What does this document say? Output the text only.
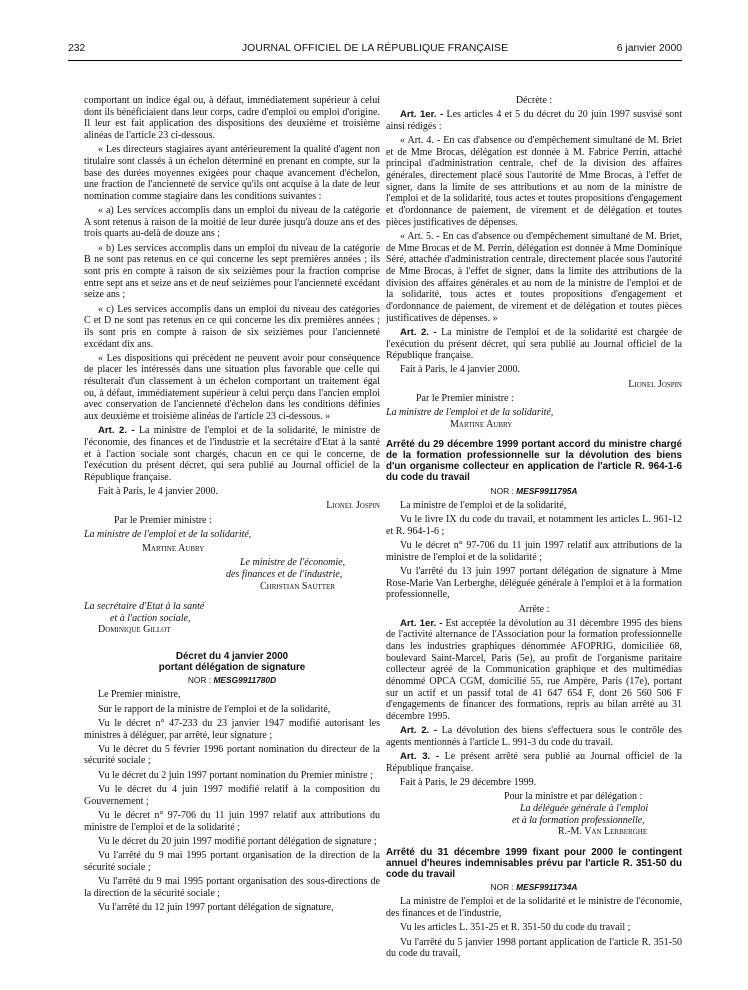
232	JOURNAL OFFICIEL DE LA RÉPUBLIQUE FRANÇAISE	6 janvier 2000

comportant un indice égal ou, à défaut, immédiatement supérieur à celui dont ils bénéficiaient dans leur corps, cadre d'emploi ou emploi d'origine. Il leur est fait application des dispositions des deuxième et troisième alinéas de l'article 23 ci-dessous.

« Les directeurs stagiaires ayant antérieurement la qualité d'agent non titulaire sont classés à un échelon déterminé en prenant en compte, sur la base des durées moyennes exigées pour chaque avancement d'échelon, une fraction de l'ancienneté de service qu'ils ont acquise à la date de leur nomination comme stagiaire dans les conditions suivantes :

« a) Les services accomplis dans un emploi du niveau de la catégorie A sont retenus à raison de la moitié de leur durée jusqu'à douze ans et des trois quarts au-delà de douze ans ;

« b) Les services accomplis dans un emploi du niveau de la catégorie B ne sont pas retenus en ce qui concerne les sept premières années ; ils sont pris en compte à raison de six seizièmes pour la fraction comprise entre sept ans et seize ans et de neuf seizièmes pour l'ancienneté excédant seize ans ;

« c) Les services accomplis dans un emploi du niveau des catégories C et D ne sont pas retenus en ce qui concerne les dix premières années ; ils sont pris en compte à raison de six seizièmes pour l'ancienneté excédant dix ans.

« Les dispositions qui précèdent ne peuvent avoir pour conséquence de placer les intéressés dans une situation plus favorable que celle qui résulterait d'un classement à un échelon comportant un traitement égal ou, à défaut, immédiatement supérieur à celui perçu dans l'ancien emploi avec conservation de l'ancienneté d'échelon dans les conditions définies aux deuxième et troisième alinéas de l'article 23 ci-dessous. »

Art. 2. - La ministre de l'emploi et de la solidarité, le ministre de l'économie, des finances et de l'industrie et la secrétaire d'Etat à la santé et à l'action sociale sont chargés, chacun en ce qui le concerne, de l'exécution du présent décret, qui sera publié au Journal officiel de la République française.

Fait à Paris, le 4 janvier 2000.

Lionel Jospin

Par le Premier ministre :

La ministre de l'emploi et de la solidarité,

Martine Aubry

Le ministre de l'économie,

des finances et de l'industrie,

Christian Sautter

La secrétaire d'Etat à la santé

et à l'action sociale,

Dominique Gillot

Décret du 4 janvier 2000

portant délégation de signature

NOR : MESG9911780D

Le Premier ministre,

Sur le rapport de la ministre de l'emploi et de la solidarité,

Vu le décret n° 47-233 du 23 janvier 1947 modifié autorisant les ministres à déléguer, par arrêté, leur signature ;

Vu le décret du 5 février 1996 portant nomination du directeur de la sécurité sociale ;

Vu le décret du 2 juin 1997 portant nomination du Premier ministre ;

Vu le décret du 4 juin 1997 modifié relatif à la composition du Gouvernement ;

Vu le décret n° 97-706 du 11 juin 1997 relatif aux attributions du ministre de l'emploi et de la solidarité ;

Vu le décret du 20 juin 1997 modifié portant délégation de signature ;

Vu l'arrêté du 9 mai 1995 portant organisation de la direction de la sécurité sociale ;

Vu l'arrêté du 9 mai 1995 portant organisation des sous-directions de la direction de la sécurité sociale ;

Vu l'arrêté du 12 juin 1997 portant délégation de signature,

Décrète :

Art. 1er. - Les articles 4 et 5 du décret du 20 juin 1997 susvisé sont ainsi rédigés :

« Art. 4. - En cas d'absence ou d'empêchement simultané de M. Briet et de Mme Brocas, délégation est donnée à M. Fabrice Perrin, attaché principal d'administration centrale, chef de la division des affaires générales, directement placé sous l'autorité de Mme Brocas, à l'effet de signer, dans la limite de ses attributions et au nom de la ministre de l'emploi et de la solidarité, tous actes et toutes propositions d'engagement et d'ordonnance de paiement, de virement et de délégation et toutes pièces justificatives de dépenses.

« Art. 5. - En cas d'absence ou d'empêchement simultané de M. Briet, de Mme Brocas et de M. Perrin, délégation est donnée à Mme Dominique Séré, attachée d'administration centrale, directement placée sous l'autorité de Mme Brocas, à l'effet de signer, dans la limite des attributions de la division des affaires générales et au nom de la ministre de l'emploi et de la solidarité, tous actes et toutes propositions d'engagement et d'ordonnance de paiement, de virement et de délégation et toutes pièces justificatives de dépenses. »

Art. 2. - La ministre de l'emploi et de la solidarité est chargée de l'exécution du présent décret, qui sera publié au Journal officiel de la République française.

Fait à Paris, le 4 janvier 2000.

Lionel Jospin

Par le Premier ministre :

La ministre de l'emploi et de la solidarité,

Martine Aubry

Arrêté du 29 décembre 1999 portant accord du ministre chargé de la formation professionnelle sur la dévolution des biens d'un organisme collecteur en application de l'article R. 964-1-6 du code du travail

NOR : MESF9911795A

La ministre de l'emploi et de la solidarité,

Vu le livre IX du code du travail, et notamment les articles L. 961-12 et R. 964-1-6 ;

Vu le décret n° 97-706 du 11 juin 1997 relatif aux attributions de la ministre de l'emploi et de la solidarité ;

Vu l'arrêté du 13 juin 1997 portant délégation de signature à Mme Rose-Marie Van Lerberghe, déléguée générale à l'emploi et à la formation professionnelle,

Arrête :

Art. 1er. - Est acceptée la dévolution au 31 décembre 1995 des biens de l'activité alternance de l'Association pour la formation professionnelle dans les industries graphiques dénommée AFOPRIG, domiciliée 68, boulevard Saint-Marcel, Paris (5e), au profit de l'organisme paritaire collecteur agréé de la Communication graphique et des multimédias dénommé OPCA CGM, domicilié 55, rue Ampère, Paris (17e), portant sur un actif et un passif total de 41 647 654 F, dont 26 560 506 F d'engagements de financer des formations, repris au bilan arrêté au 31 décembre 1995.

Art. 2. - La dévolution des biens s'effectuera sous le contrôle des agents mentionnés à l'article L. 991-3 du code du travail.

Art. 3. - Le présent arrêté sera publié au Journal officiel de la République française.

Fait à Paris, le 29 décembre 1999.

Pour la ministre et par délégation :

La déléguée générale à l'emploi

et à la formation professionnelle,

R.-M. Van Lerberghe

Arrêté du 31 décembre 1999 fixant pour 2000 le contingent annuel d'heures indemnisables prévu par l'article R. 351-50 du code du travail

NOR : MESF9911734A

La ministre de l'emploi et de la solidarité et le ministre de l'économie, des finances et de l'industrie,

Vu les articles L. 351-25 et R. 351-50 du code du travail ;

Vu l'arrêté du 5 janvier 1998 portant application de l'article R. 351-50 du code du travail,
